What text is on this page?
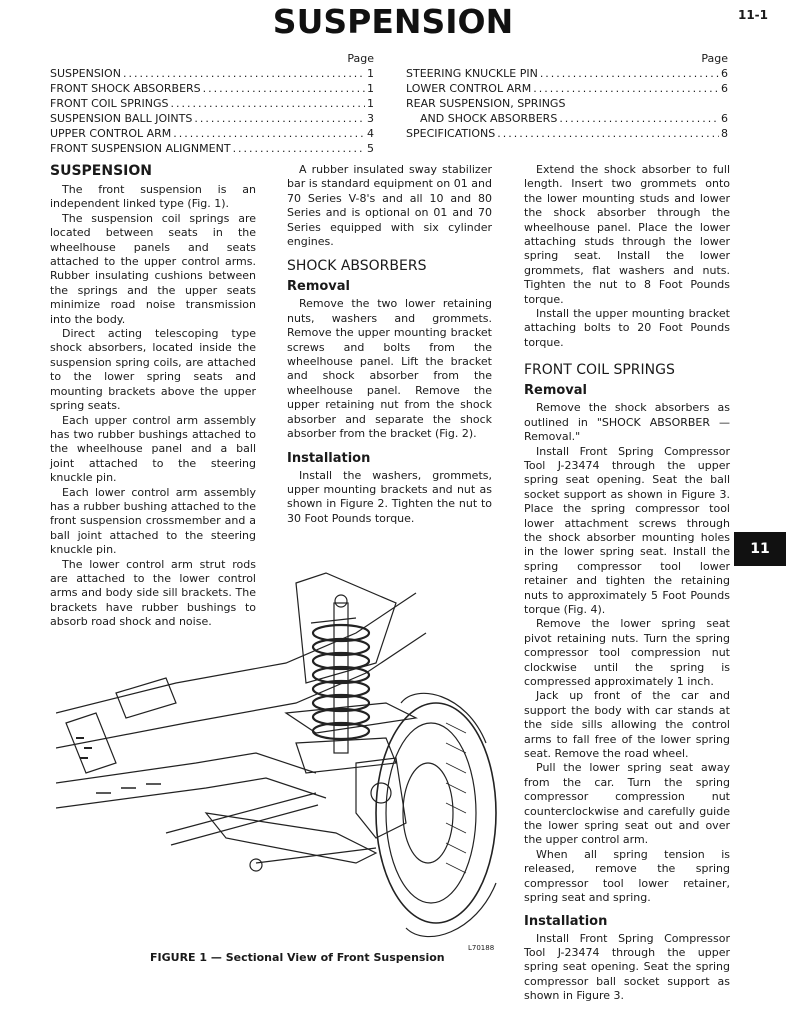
SUSPENSION	11-1
Page
SUSPENSION .....	1
FRONT SHOCK ABSORBERS .....	1
FRONT COIL SPRINGS .....	1
SUSPENSION BALL JOINTS .....	3
UPPER CONTROL ARM .....	4
FRONT SUSPENSION ALIGNMENT .....	5
Page
STEERING KNUCKLE PIN .....	6
LOWER CONTROL ARM .....	6
REAR SUSPENSION, SPRINGS
AND SHOCK ABSORBERS .....	6
SPECIFICATIONS .....	8
SUSPENSION

The front suspension is an independent linked type (Fig. 1).

The suspension coil springs are located between seats in the wheelhouse panels and seats attached to the upper control arms. Rubber insulating cushions between the springs and the upper seats minimize road noise transmission into the body.

Direct acting telescoping type shock absorbers, located inside the suspension spring coils, are attached to the lower spring seats and mounting brackets above the upper spring seats.

Each upper control arm assembly has two rubber bushings attached to the wheelhouse panel and a ball joint attached to the steering knuckle pin.

Each lower control arm assembly has a rubber bushing attached to the front suspension crossmember and a ball joint attached to the steering knuckle pin.

The lower control arm strut rods are attached to the lower control arms and body side sill brackets. The brackets have rubber bushings to absorb road shock and noise.

A rubber insulated sway stabilizer bar is standard equipment on 01 and 70 Series V-8's and all 10 and 80 Series and is optional on 01 and 70 Series equipped with six cylinder engines.

SHOCK ABSORBERS
Removal

Remove the two lower retaining nuts, washers and grommets. Remove the upper mounting bracket screws and bolts from the wheelhouse panel. Lift the bracket and shock absorber from the wheelhouse panel. Remove the upper retaining nut from the shock absorber and separate the shock absorber from the bracket (Fig. 2).

Installation

Install the washers, grommets, upper mounting brackets and nut as shown in Figure 2. Tighten the nut to 30 Foot Pounds torque.

Extend the shock absorber to full length. Insert two grommets onto the lower mounting studs and lower the shock absorber through the wheelhouse panel. Place the lower attaching studs through the lower spring seat. Install the lower grommets, flat washers and nuts. Tighten the nut to 8 Foot Pounds torque.

Install the upper mounting bracket attaching bolts to 20 Foot Pounds torque.

FRONT COIL SPRINGS
Removal

Remove the shock absorbers as outlined in "SHOCK ABSORBER — Removal."

Install Front Spring Compressor Tool J-23474 through the upper spring seat opening. Seat the ball socket support as shown in Figure 3. Place the spring compressor tool lower attachment screws through the shock absorber mounting holes in the lower spring seat. Install the spring compressor tool lower retainer and tighten the retaining nuts to approximately 5 Foot Pounds torque (Fig. 4).

Remove the lower spring seat pivot retaining nuts. Turn the spring compressor tool compression nut clockwise until the spring is compressed approximately 1 inch.

Jack up front of the car and support the body with car stands at the side sills allowing the control arms to fall free of the lower spring seat. Remove the road wheel.

Pull the lower spring seat away from the car. Turn the spring compressor compression nut counterclockwise and carefully guide the lower spring seat out and over the upper control arm.

When all spring tension is released, remove the spring compressor tool lower retainer, spring seat and spring.

Installation

Install Front Spring Compressor Tool J-23474 through the upper spring seat opening. Seat the spring compressor ball socket support as shown in Figure 3.

11
L70188
FIGURE 1 — Sectional View of Front Suspension
